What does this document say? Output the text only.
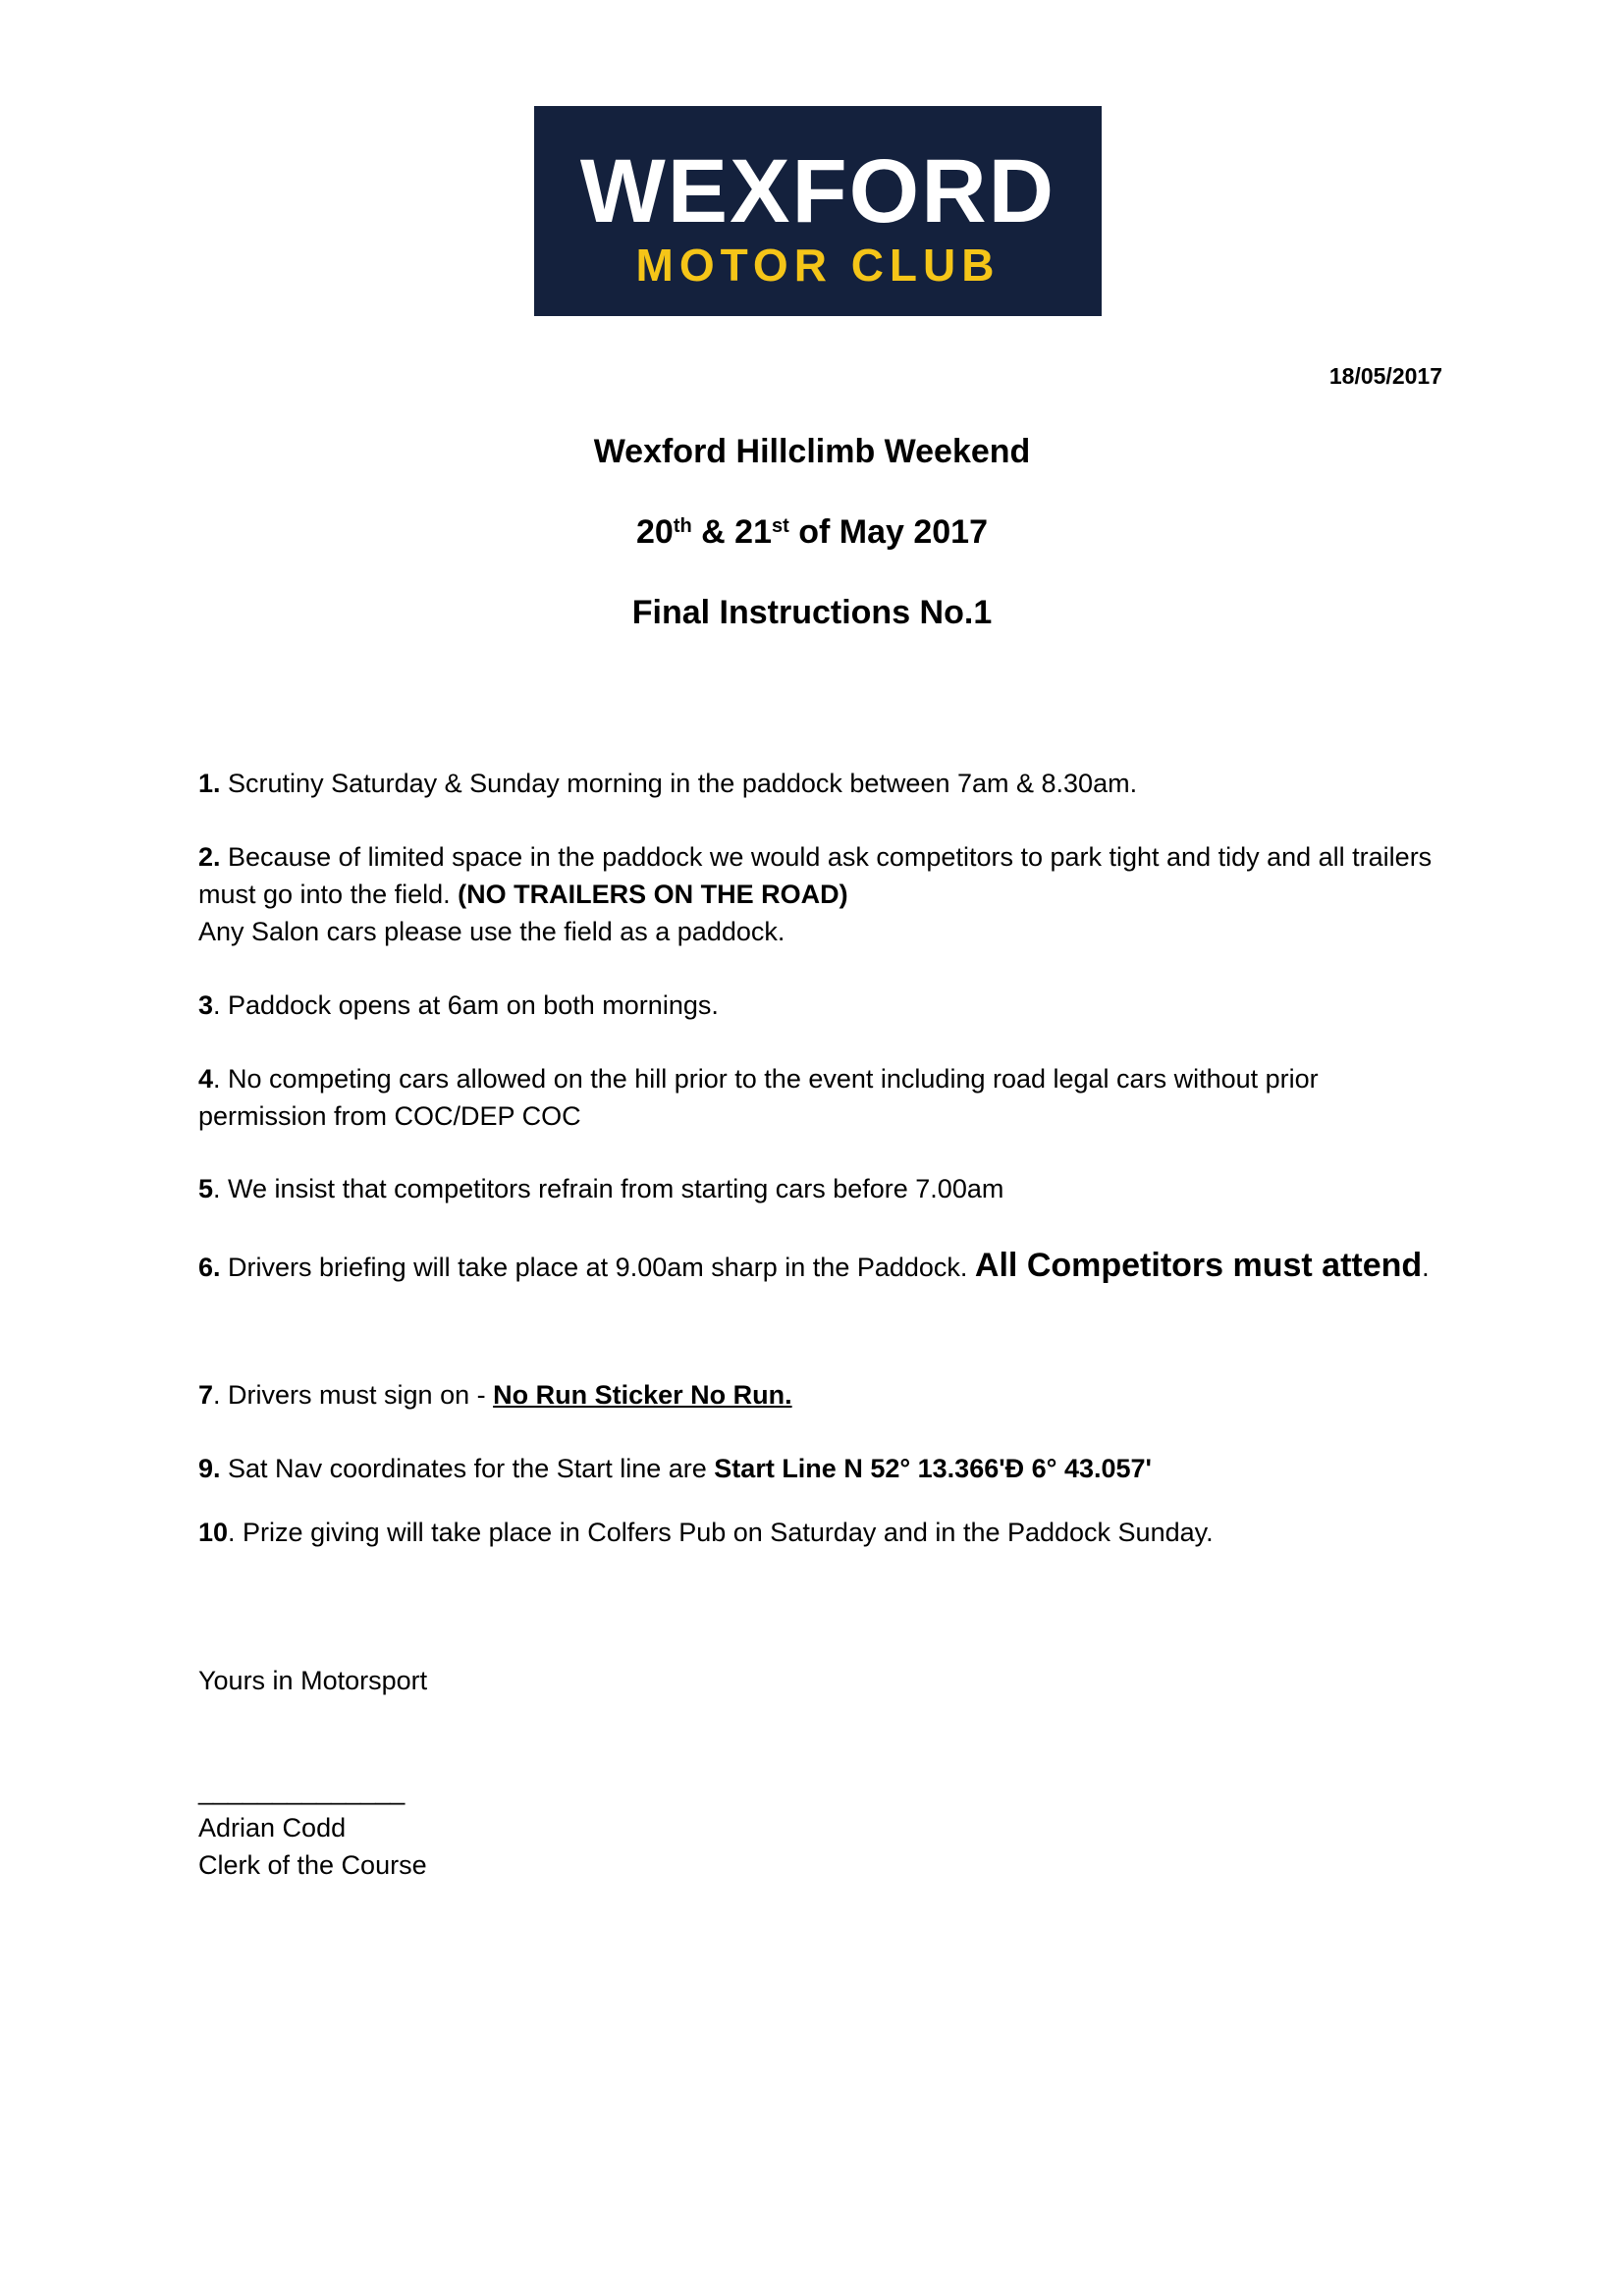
WEXFORD
MOTOR CLUB
18/05/2017
Wexford Hillclimb Weekend
20th & 21st of May 2017
Final Instructions No.1
1. Scrutiny Saturday & Sunday morning in the paddock between 7am & 8.30am.
2. Because of limited space in the paddock we would ask competitors to park tight and tidy and all trailers must go into the field. (NO TRAILERS ON THE ROAD)
Any Salon cars please use the field as a paddock.
3. Paddock opens at 6am on both mornings.
4. No competing cars allowed on the hill prior to the event including road legal cars without prior permission from COC/DEP COC
5. We insist that competitors refrain from starting cars before 7.00am
6. Drivers briefing will take place at 9.00am sharp in the Paddock. All Competitors must attend.
7. Drivers must sign on - No Run Sticker No Run.
9. Sat Nav coordinates for the Start line are Start Line N 52° 13.366'Đ 6° 43.057'
10. Prize giving will take place in Colfers Pub on Saturday and in the Paddock Sunday.
Yours in Motorsport
______________
Adrian Codd
Clerk of the Course
